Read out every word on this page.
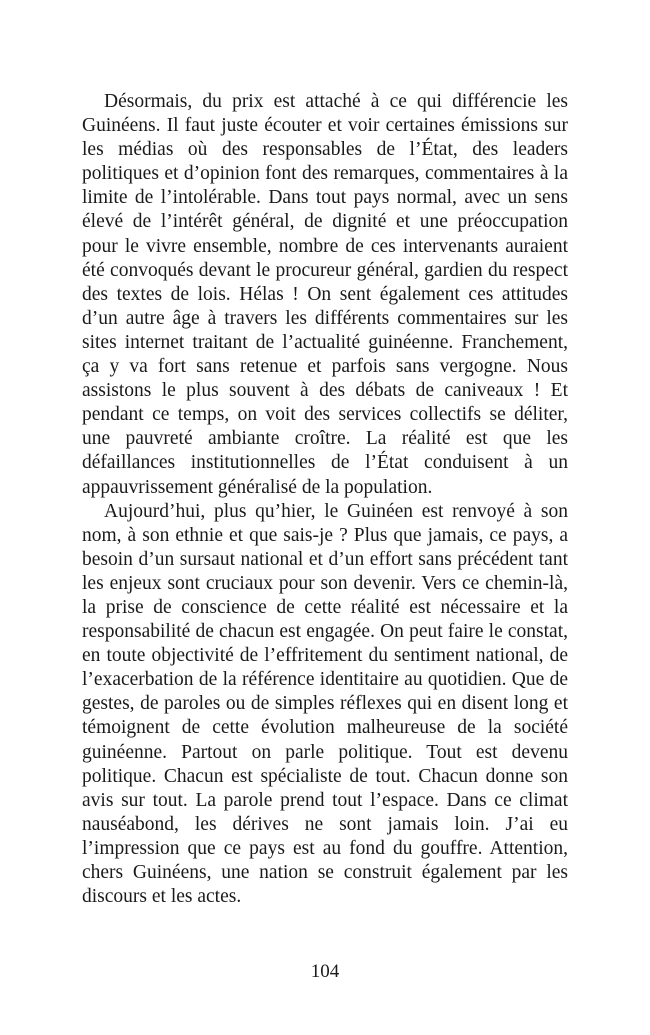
Désormais, du prix est attaché à ce qui différencie les Guinéens. Il faut juste écouter et voir certaines émissions sur les médias où des responsables de l’État, des leaders politiques et d’opinion font des remarques, commentaires à la limite de l’intolérable. Dans tout pays normal, avec un sens élevé de l’intérêt général, de dignité et une préoccupation pour le vivre ensemble, nombre de ces intervenants auraient été convoqués devant le procureur général, gardien du respect des textes de lois. Hélas ! On sent également ces attitudes d’un autre âge à travers les différents commentaires sur les sites internet traitant de l’actualité guinéenne. Franchement, ça y va fort sans retenue et parfois sans vergogne. Nous assistons le plus souvent à des débats de caniveaux ! Et pendant ce temps, on voit des services collectifs se déliter, une pauvreté ambiante croître. La réalité est que les défaillances institutionnelles de l’État conduisent à un appauvrissement généralisé de la population.

Aujourd’hui, plus qu’hier, le Guinéen est renvoyé à son nom, à son ethnie et que sais-je ? Plus que jamais, ce pays, a besoin d’un sursaut national et d’un effort sans précédent tant les enjeux sont cruciaux pour son devenir. Vers ce chemin-là, la prise de conscience de cette réalité est nécessaire et la responsabilité de chacun est engagée. On peut faire le constat, en toute objectivité de l’effritement du sentiment national, de l’exacerbation de la référence identitaire au quotidien. Que de gestes, de paroles ou de simples réflexes qui en disent long et témoignent de cette évolution malheureuse de la société guinéenne. Partout on parle politique. Tout est devenu politique. Chacun est spécialiste de tout. Chacun donne son avis sur tout. La parole prend tout l’espace. Dans ce climat nauséabond, les dérives ne sont jamais loin. J’ai eu l’impression que ce pays est au fond du gouffre. Attention, chers Guinéens, une nation se construit également par les discours et les actes.

104
